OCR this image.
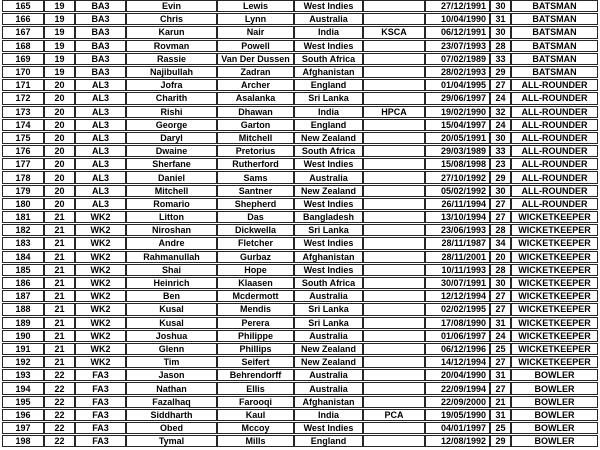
165	19	BA3	Evin	Lewis	West Indies		27/12/1991	30	BATSMAN
166	19	BA3	Chris	Lynn	Australia		10/04/1990	31	BATSMAN
167	19	BA3	Karun	Nair	India	KSCA	06/12/1991	30	BATSMAN
168	19	BA3	Rovman	Powell	West Indies		23/07/1993	28	BATSMAN
169	19	BA3	Rassie	Van Der Dussen	South Africa		07/02/1989	33	BATSMAN
170	19	BA3	Najibullah	Zadran	Afghanistan		28/02/1993	29	BATSMAN
171	20	AL3	Jofra	Archer	England		01/04/1995	27	ALL-ROUNDER
172	20	AL3	Charith	Asalanka	Sri Lanka		29/06/1997	24	ALL-ROUNDER
173	20	AL3	Rishi	Dhawan	India	HPCA	19/02/1990	32	ALL-ROUNDER
174	20	AL3	George	Garton	England		15/04/1997	24	ALL-ROUNDER
175	20	AL3	Daryl	Mitchell	New Zealand		20/05/1991	30	ALL-ROUNDER
176	20	AL3	Dwaine	Pretorius	South Africa		29/03/1989	33	ALL-ROUNDER
177	20	AL3	Sherfane	Rutherford	West Indies		15/08/1998	23	ALL-ROUNDER
178	20	AL3	Daniel	Sams	Australia		27/10/1992	29	ALL-ROUNDER
179	20	AL3	Mitchell	Santner	New Zealand		05/02/1992	30	ALL-ROUNDER
180	20	AL3	Romario	Shepherd	West Indies		26/11/1994	27	ALL-ROUNDER
181	21	WK2	Litton	Das	Bangladesh		13/10/1994	27	WICKETKEEPER
182	21	WK2	Niroshan	Dickwella	Sri Lanka		23/06/1993	28	WICKETKEEPER
183	21	WK2	Andre	Fletcher	West Indies		28/11/1987	34	WICKETKEEPER
184	21	WK2	Rahmanullah	Gurbaz	Afghanistan		28/11/2001	20	WICKETKEEPER
185	21	WK2	Shai	Hope	West Indies		10/11/1993	28	WICKETKEEPER
186	21	WK2	Heinrich	Klaasen	South Africa		30/07/1991	30	WICKETKEEPER
187	21	WK2	Ben	Mcdermott	Australia		12/12/1994	27	WICKETKEEPER
188	21	WK2	Kusal	Mendis	Sri Lanka		02/02/1995	27	WICKETKEEPER
189	21	WK2	Kusal	Perera	Sri Lanka		17/08/1990	31	WICKETKEEPER
190	21	WK2	Joshua	Philippe	Australia		01/06/1997	24	WICKETKEEPER
191	21	WK2	Glenn	Phillips	New Zealand		06/12/1996	25	WICKETKEEPER
192	21	WK2	Tim	Seifert	New Zealand		14/12/1994	27	WICKETKEEPER
193	22	FA3	Jason	Behrendorff	Australia		20/04/1990	31	BOWLER
194	22	FA3	Nathan	Ellis	Australia		22/09/1994	27	BOWLER
195	22	FA3	Fazalhaq	Farooqi	Afghanistan		22/09/2000	21	BOWLER
196	22	FA3	Siddharth	Kaul	India	PCA	19/05/1990	31	BOWLER
197	22	FA3	Obed	Mccoy	West Indies		04/01/1997	25	BOWLER
198	22	FA3	Tymal	Mills	England		12/08/1992	29	BOWLER
